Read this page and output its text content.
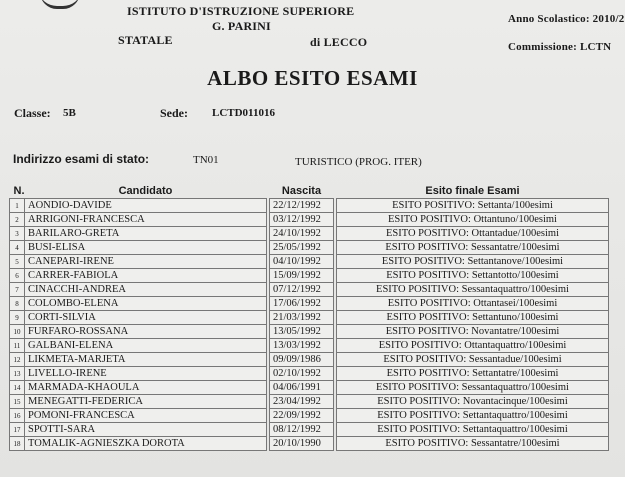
ISTITUTO D'ISTRUZIONE SUPERIORE
G. PARINI
STATALE	di LECCO
Anno Scolastico: 2010/2
Commissione: LCTN
ALBO ESITO ESAMI
Classe: 5B	Sede: LCTD011016
Indirizzo esami di stato:	TN01	TURISTICO (PROG. ITER)
N.	Candidato		Nascita		Esito finale Esami
1	AONDIO-DAVIDE		22/12/1992		ESITO POSITIVO: Settanta/100esimi
2	ARRIGONI-FRANCESCA		03/12/1992		ESITO POSITIVO: Ottantuno/100esimi
3	BARILARO-GRETA		24/10/1992		ESITO POSITIVO: Ottantadue/100esimi
4	BUSI-ELISA		25/05/1992		ESITO POSITIVO: Sessantatre/100esimi
5	CANEPARI-IRENE		04/10/1992		ESITO POSITIVO: Settantanove/100esimi
6	CARRER-FABIOLA		15/09/1992		ESITO POSITIVO: Settantotto/100esimi
7	CINACCHI-ANDREA		07/12/1992		ESITO POSITIVO: Sessantaquattro/100esimi
8	COLOMBO-ELENA		17/06/1992		ESITO POSITIVO: Ottantasei/100esimi
9	CORTI-SILVIA		21/03/1992		ESITO POSITIVO: Settantuno/100esimi
10	FURFARO-ROSSANA		13/05/1992		ESITO POSITIVO: Novantatre/100esimi
11	GALBANI-ELENA		13/03/1992		ESITO POSITIVO: Ottantaquattro/100esimi
12	LIKMETA-MARJETA		09/09/1986		ESITO POSITIVO: Sessantadue/100esimi
13	LIVELLO-IRENE		02/10/1992		ESITO POSITIVO: Settantatre/100esimi
14	MARMADA-KHAOULA		04/06/1991		ESITO POSITIVO: Sessantaquattro/100esimi
15	MENEGATTI-FEDERICA		23/04/1992		ESITO POSITIVO: Novantacinque/100esimi
16	POMONI-FRANCESCA		22/09/1992		ESITO POSITIVO: Settantaquattro/100esimi
17	SPOTTI-SARA		08/12/1992		ESITO POSITIVO: Settantaquattro/100esimi
18	TOMALIK-AGNIESZKA DOROTA		20/10/1990		ESITO POSITIVO: Sessantatre/100esimi
